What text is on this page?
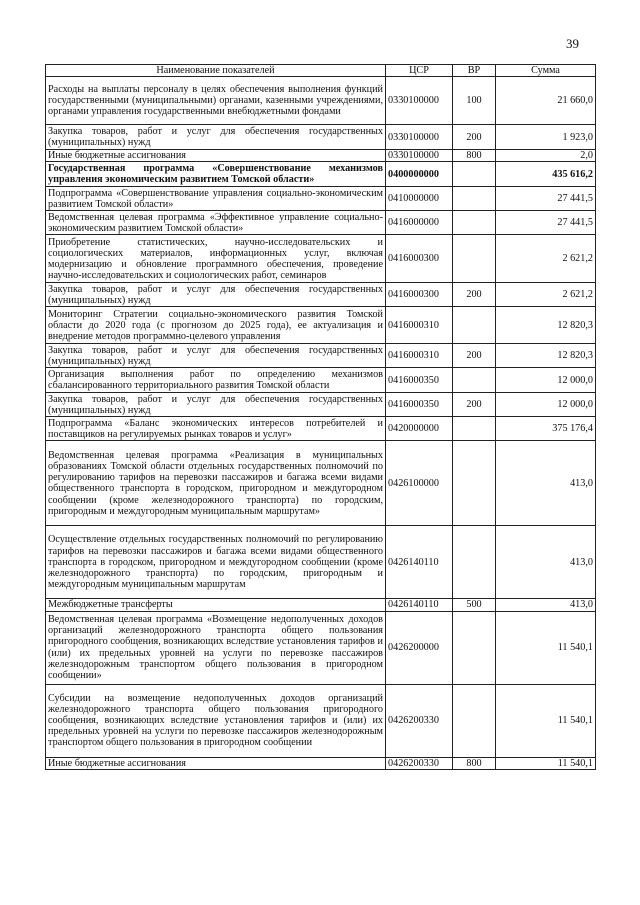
39
Наименование показателей	ЦСР	ВР	Сумма
Расходы на выплаты персоналу в целях обеспечения выполнения функций государственными (муниципальными) органами, казенными учреждениями, органами управления государственными внебюджетными фондами	0330100000	100	21 660,0
Закупка товаров, работ и услуг для обеспечения государственных (муниципальных) нужд	0330100000	200	1 923,0
Иные бюджетные ассигнования	0330100000	800	2,0
Государственная программа «Совершенствование механизмов управления экономическим развитием Томской области»	0400000000		435 616,2
Подпрограмма «Совершенствование управления социально-экономическим развитием Томской области»	0410000000		27 441,5
Ведомственная целевая программа «Эффективное управление социально-экономическим развитием Томской области»	0416000000		27 441,5
Приобретение статистических, научно-исследовательских и социологических материалов, информационных услуг, включая модернизацию и обновление программного обеспечения, проведение научно-исследовательских и социологических работ, семинаров	0416000300		2 621,2
Закупка товаров, работ и услуг для обеспечения государственных (муниципальных) нужд	0416000300	200	2 621,2
Мониторинг Стратегии социально-экономического развития Томской области до 2020 года (с прогнозом до 2025 года), ее актуализация и внедрение методов программно-целевого управления	0416000310		12 820,3
Закупка товаров, работ и услуг для обеспечения государственных (муниципальных) нужд	0416000310	200	12 820,3
Организация выполнения работ по определению механизмов сбалансированного территориального развития Томской области	0416000350		12 000,0
Закупка товаров, работ и услуг для обеспечения государственных (муниципальных) нужд	0416000350	200	12 000,0
Подпрограмма «Баланс экономических интересов потребителей и поставщиков на регулируемых рынках товаров и услуг»	0420000000		375 176,4
Ведомственная целевая программа «Реализация в муниципальных образованиях Томской области отдельных государственных полномочий по регулированию тарифов на перевозки пассажиров и багажа всеми видами общественного транспорта в городском, пригородном и междугородном сообщении (кроме железнодорожного транспорта) по городским, пригородным и междугородным муниципальным маршрутам»	0426100000		413,0
Осуществление отдельных государственных полномочий по регулированию тарифов на перевозки пассажиров и багажа всеми видами общественного транспорта в городском, пригородном и междугородном сообщении (кроме железнодорожного транспорта) по городским, пригородным и междугородным муниципальным маршрутам	0426140110		413,0
Межбюджетные трансферты	0426140110	500	413,0
Ведомственная целевая программа «Возмещение недополученных доходов организаций железнодорожного транспорта общего пользования пригородного сообщения, возникающих вследствие установления тарифов и (или) их предельных уровней на услуги по перевозке пассажиров железнодорожным транспортом общего пользования в пригородном сообщении»	0426200000		11 540,1
Субсидии на возмещение недополученных доходов организаций железнодорожного транспорта общего пользования пригородного сообщения, возникающих вследствие установления тарифов и (или) их предельных уровней на услуги по перевозке пассажиров железнодорожным транспортом общего пользования в пригородном сообщении	0426200330		11 540,1
Иные бюджетные ассигнования	0426200330	800	11 540,1
